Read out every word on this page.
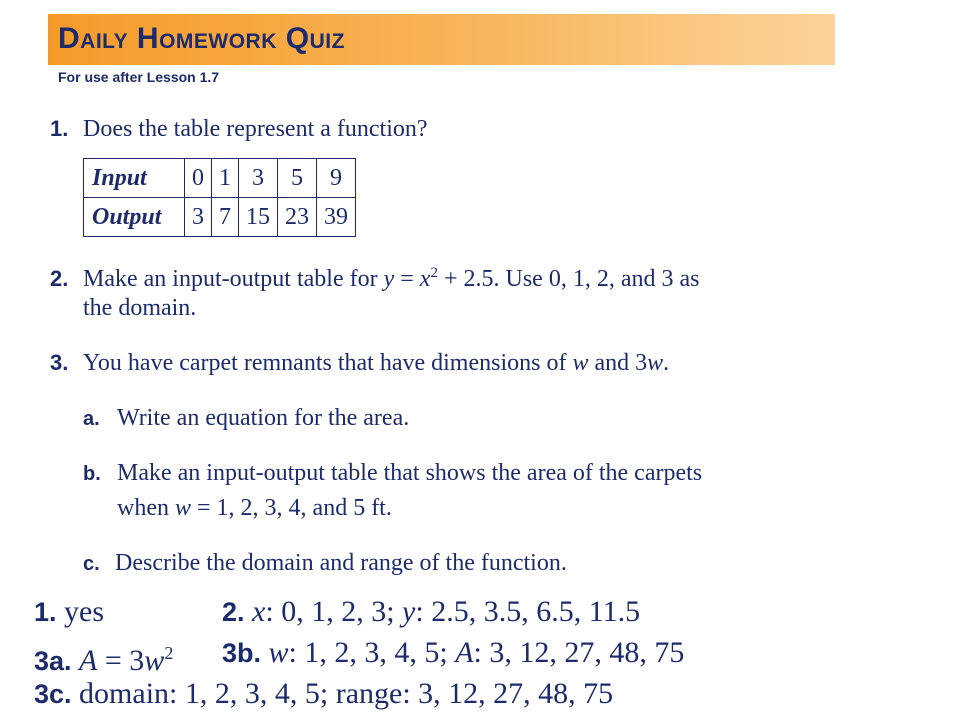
Daily Homework Quiz
For use after Lesson 1.7
1. Does the table represent a function?
Input	0	1	3	5	9
Output	3	7	15	23	39
2. Make an input-output table for $y = x^2 + 2.5$. Use 0, 1, 2, and 3 as
the domain.
3. You have carpet remnants that have dimensions of w and 3w.
a. Write an equation for the area.
b. Make an input-output table that shows the area of the carpets
when w = 1, 2, 3, 4, and 5 ft.
c. Describe the domain and range of the function.
1. yes	2. x: 0, 1, 2, 3; y: 2.5, 3.5, 6.5, 11.5
3a. $A = 3w^2$ 3b. w: 1, 2, 3, 4, 5; A: 3, 12, 27, 48, 75
3c. domain: 1, 2, 3, 4, 5; range: 3, 12, 27, 48, 75
